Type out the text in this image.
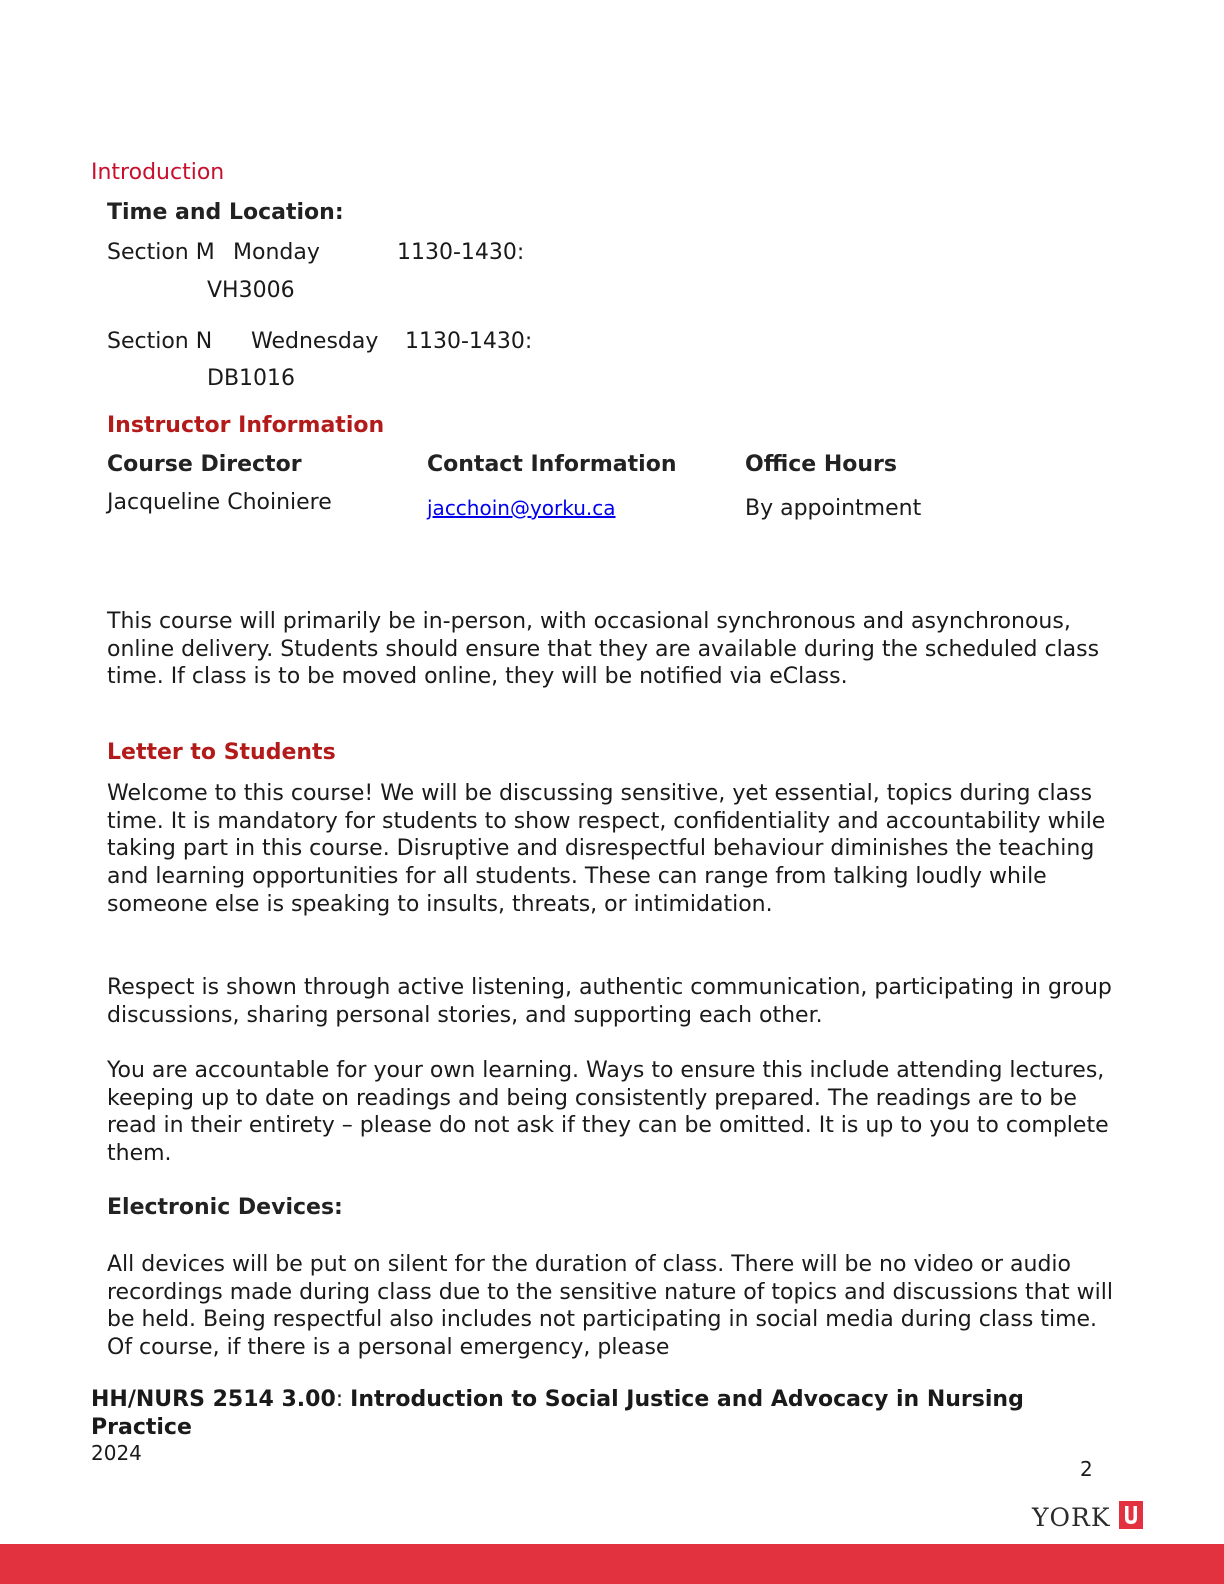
Introduction
Time and Location:
Section M Monday	1130-1430:
VH3006
Section N Wednesday 1130-1430:
DB1016
Instructor Information
Course Director	Contact Information	Office Hours
Jacqueline Choiniere	jacchoin@yorku.ca	By appointment

This course will primarily be in-person, with occasional synchronous and asynchronous, online delivery. Students should ensure that they are available during the scheduled class time. If class is to be moved online, they will be notified via eClass.

Letter to Students

Welcome to this course! We will be discussing sensitive, yet essential, topics during class time. It is mandatory for students to show respect, confidentiality and accountability while taking part in this course. Disruptive and disrespectful behaviour diminishes the teaching and learning opportunities for all students. These can range from talking loudly while someone else is speaking to insults, threats, or intimidation.

Respect is shown through active listening, authentic communication, participating in group discussions, sharing personal stories, and supporting each other.

You are accountable for your own learning. Ways to ensure this include attending lectures, keeping up to date on readings and being consistently prepared. The readings are to be read in their entirety – please do not ask if they can be omitted. It is up to you to complete them.

Electronic Devices:

All devices will be put on silent for the duration of class. There will be no video or audio recordings made during class due to the sensitive nature of topics and discussions that will be held. Being respectful also includes not participating in social media during class time. Of course, if there is a personal emergency, please

HH/NURS 2514 3.00: Introduction to Social Justice and Advocacy in Nursing Practice

2024
2
YORK
